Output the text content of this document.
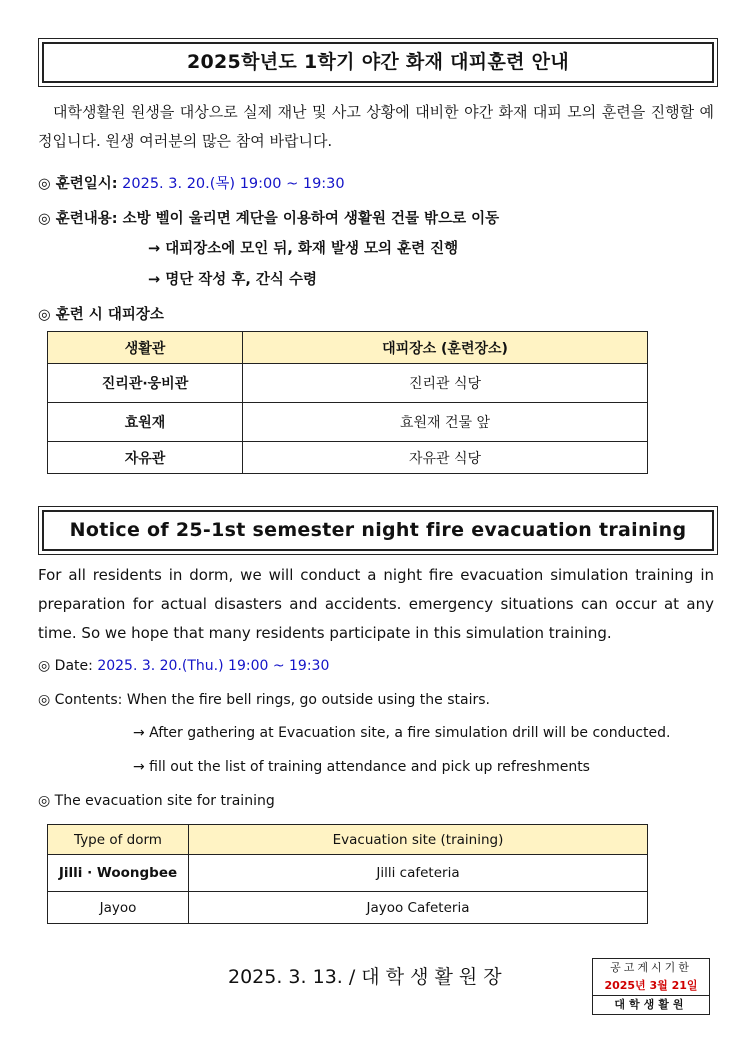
2025학년도 1학기 야간 화재 대피훈련 안내
대학생활원 원생을 대상으로 실제 재난 및 사고 상황에 대비한 야간 화재 대피 모의 훈련을 진행할 예정입니다. 원생 여러분의 많은 참여 바랍니다.
◎ 훈련일시: 2025. 3. 20.(목) 19:00 ~ 19:30
◎ 훈련내용: 소방 벨이 울리면 계단을 이용하여 생활원 건물 밖으로 이동
→ 대피장소에 모인 뒤, 화재 발생 모의 훈련 진행
→ 명단 작성 후, 간식 수령
◎ 훈련 시 대피장소
생활관	대피장소 (훈련장소)
진리관·웅비관	진리관 식당
효원재	효원재 건물 앞
자유관	자유관 식당
Notice of 25-1st semester night fire evacuation training
For all residents in dorm, we will conduct a night fire evacuation simulation training in preparation for actual disasters and accidents. emergency situations can occur at any time. So we hope that many residents participate in this simulation training.
◎ Date: 2025. 3. 20.(Thu.) 19:00 ~ 19:30
◎ Contents: When the fire bell rings, go outside using the stairs.
→ After gathering at Evacuation site, a fire simulation drill will be conducted.
→ fill out the list of training attendance and pick up refreshments
◎ The evacuation site for training
Type of dorm	Evacuation site (training)
Jilli · Woongbee	Jilli cafeteria
Jayoo	Jayoo Cafeteria
2025. 3. 13. / 대 학 생 활 원 장	공고게시기한
2025년 3월 21일
대학생활원
